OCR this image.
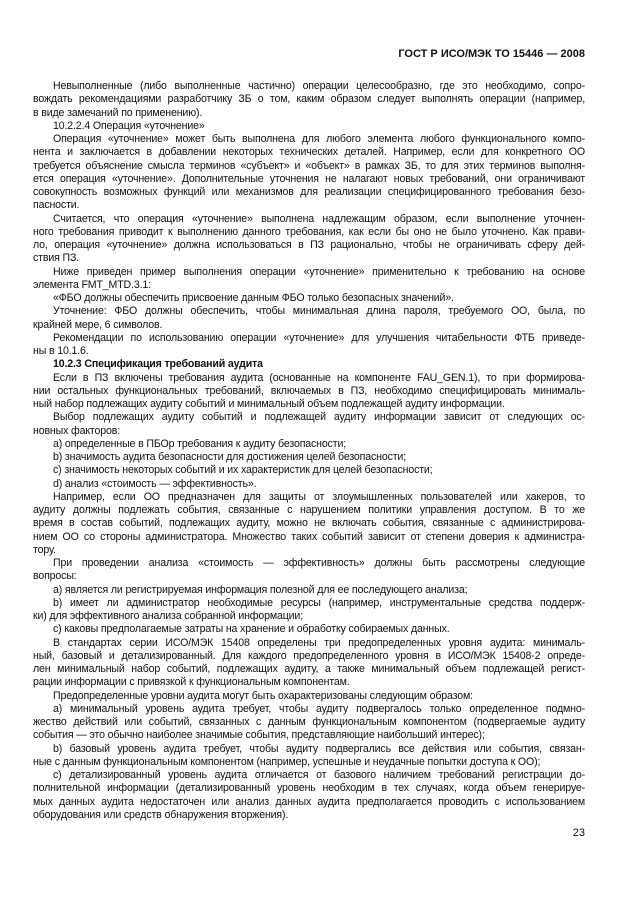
ГОСТ Р ИСО/МЭК ТО 15446 — 2008
Невыполненные (либо выполненные частично) операции целесообразно, где это необходимо, сопро-
вождать рекомендациями разработчику ЗБ о том, каким образом следует выполнять операции (например,
в виде замечаний по применению).
10.2.2.4 Операция «уточнение»
Операция «уточнение» может быть выполнена для любого элемента любого функционального компо-
нента и заключается в добавлении некоторых технических деталей. Например, если для конкретного ОО
требуется объяснение смысла терминов «субъект» и «объект» в рамках ЗБ, то для этих терминов выполня-
ется операция «уточнение». Дополнительные уточнения не налагают новых требований, они ограничивают
совокупность возможных функций или механизмов для реализации специфицированного требования безо-
пасности.
Считается, что операция «уточнение» выполнена надлежащим образом, если выполнение уточнен-
ного требования приводит к выполнению данного требования, как если бы оно не было уточнено. Как прави-
ло, операция «уточнение» должна использоваться в ПЗ рационально, чтобы не ограничивать сферу дей-
ствия ПЗ.
Ниже приведен пример выполнения операции «уточнение» применительно к требованию на основе
элемента FMT_MTD.3.1:
«ФБО должны обеспечить присвоение данным ФБО только безопасных значений».
Уточнение: ФБО должны обеспечить, чтобы минимальная длина пароля, требуемого ОО, была, по
крайней мере, 6 символов.
Рекомендации по использованию операции «уточнение» для улучшения читабельности ФТБ приведе-
ны в 10.1.6.
10.2.3 Спецификация требований аудита
Если в ПЗ включены требования аудита (основанные на компоненте FAU_GEN.1), то при формирова-
нии остальных функциональных требований, включаемых в ПЗ, необходимо специфицировать минималь-
ный набор подлежащих аудиту событий и минимальный объем подлежащей аудиту информации.
Выбор подлежащих аудиту событий и подлежащей аудиту информации зависит от следующих ос-
новных факторов:
a) определенные в ПБОр требования к аудиту безопасности;
b) значимость аудита безопасности для достижения целей безопасности;
c) значимость некоторых событий и их характеристик для целей безопасности;
d) анализ «стоимость — эффективность».
Например, если ОО предназначен для защиты от злоумышленных пользователей или хакеров, то
аудиту должны подлежать события, связанные с нарушением политики управления доступом. В то же
время в состав событий, подлежащих аудиту, можно не включать события, связанные с администрирова-
нием ОО со стороны администратора. Множество таких событий зависит от степени доверия к администра-
тору.
При проведении анализа «стоимость — эффективность» должны быть рассмотрены следующие
вопросы:
a) является ли регистрируемая информация полезной для ее последующего анализа;
b) имеет ли администратор необходимые ресурсы (например, инструментальные средства поддерж-
ки) для эффективного анализа собранной информации;
c) каковы предполагаемые затраты на хранение и обработку собираемых данных.
В стандартах серии ИСО/МЭК 15408 определены три предопределенных уровня аудита: минималь-
ный, базовый и детализированный. Для каждого предопределенного уровня в ИСО/МЭК 15408-2 опреде-
лен минимальный набор событий, подлежащих аудиту, а также минимальный объем подлежащей регист-
рации информации с привязкой к функциональным компонентам.
Предопределенные уровни аудита могут быть охарактеризованы следующим образом:
a) минимальный уровень аудита требует, чтобы аудиту подвергалось только определенное подмно-
жество действий или событий, связанных с данным функциональным компонентом (подвергаемые аудиту
события — это обычно наиболее значимые события, представляющие наибольший интерес);
b) базовый уровень аудита требует, чтобы аудиту подвергались все действия или события, связан-
ные с данным функциональным компонентом (например, успешные и неудачные попытки доступа к ОО);
c) детализированный уровень аудита отличается от базового наличием требований регистрации до-
полнительной информации (детализированный уровень необходим в тех случаях, когда объем генерируе-
мых данных аудита недостаточен или анализ данных аудита предполагается проводить с использованием
оборудования или средств обнаружения вторжения).
23
